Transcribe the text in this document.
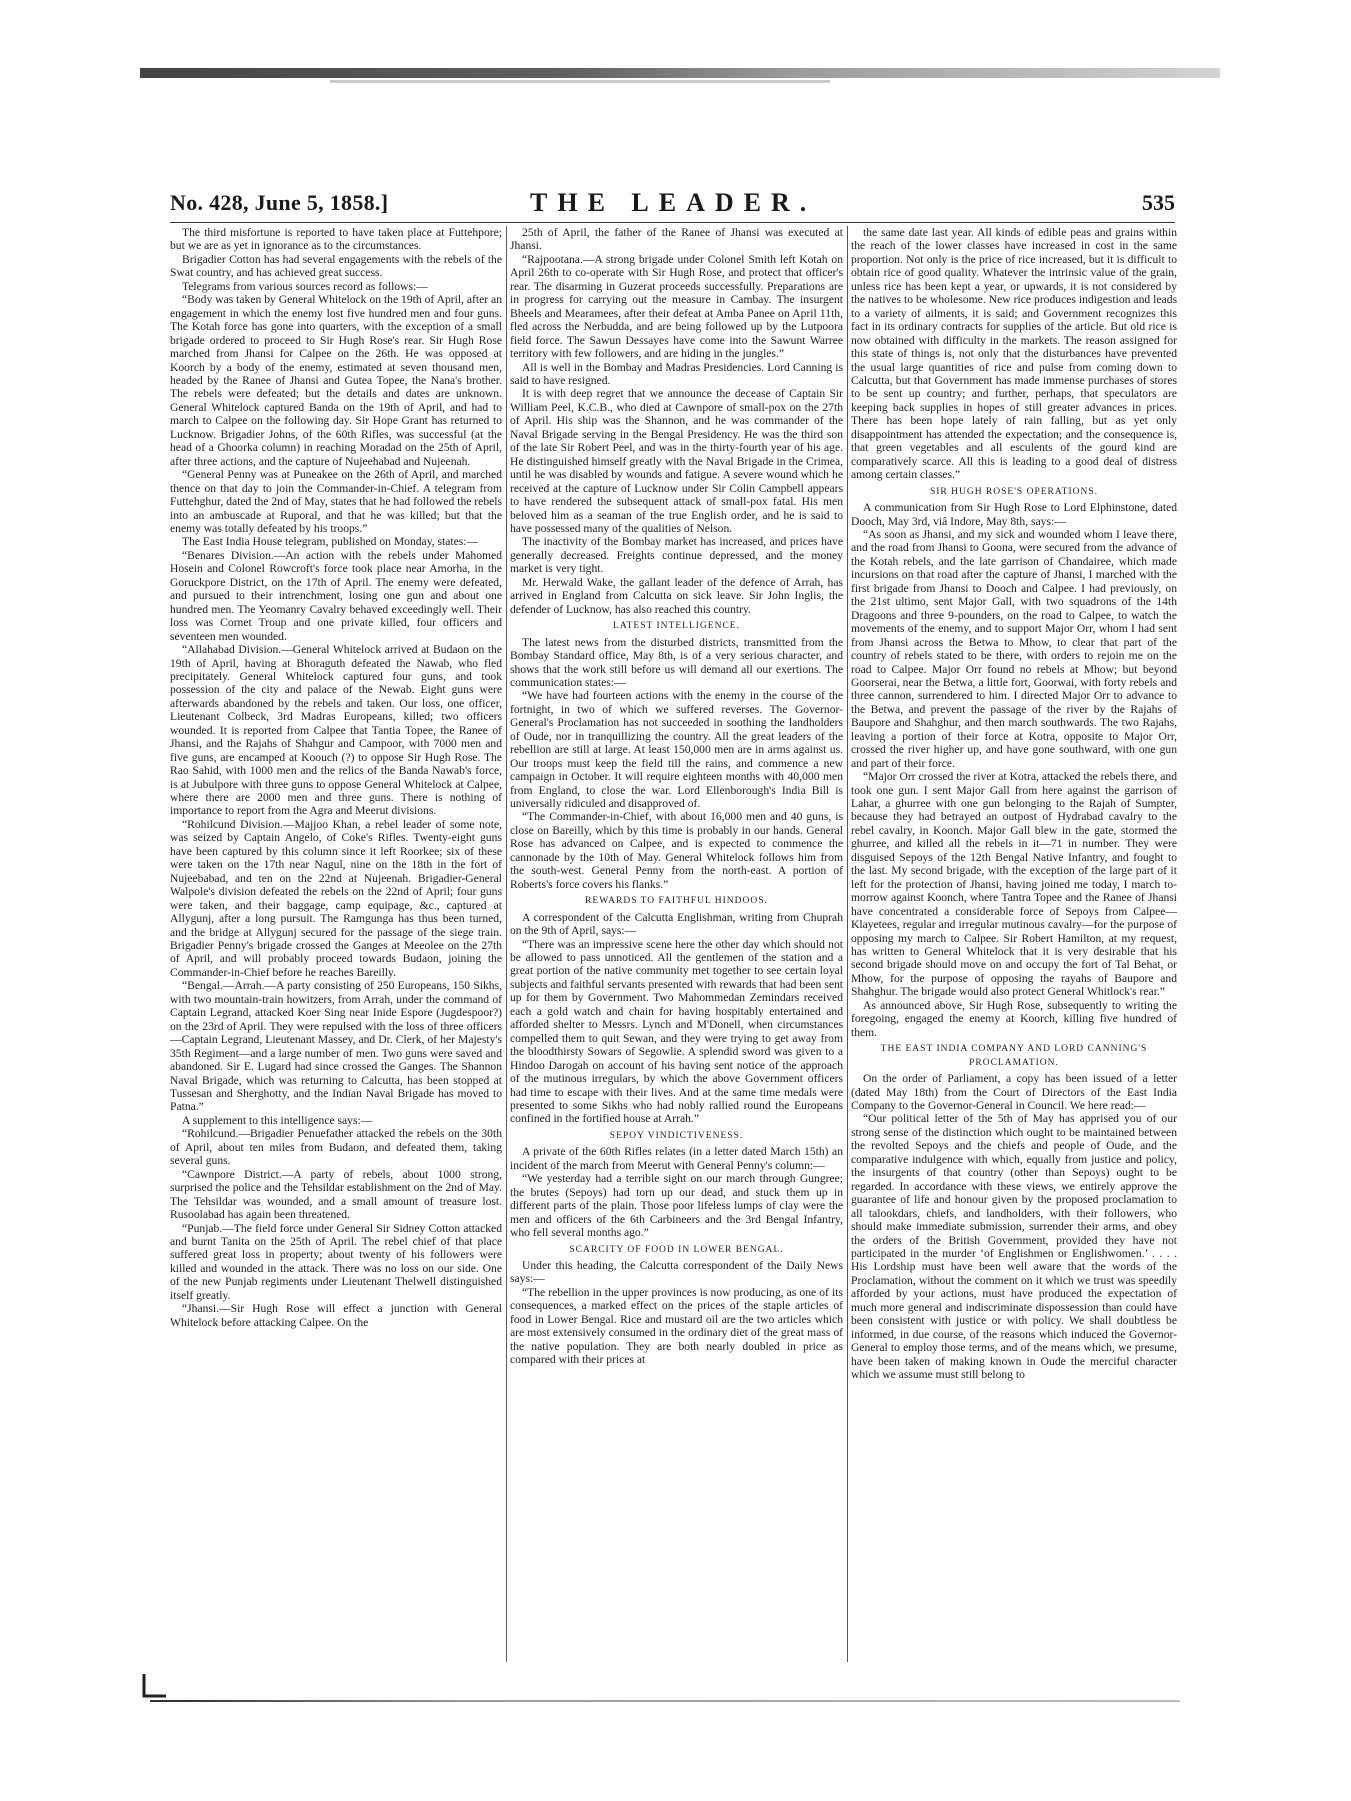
No. 428, June 5, 1858.]	THE LEADER.	535

The third misfortune is reported to have taken place at Futtehpore; but we are as yet in ignorance as to the circumstances.

Brigadier Cotton has had several engagements with the rebels of the Swat country, and has achieved great success.

Telegrams from various sources record as follows:—

“Body was taken by General Whitelock on the 19th of April, after an engagement in which the enemy lost five hundred men and four guns. The Kotah force has gone into quarters, with the exception of a small brigade ordered to proceed to Sir Hugh Rose's rear. Sir Hugh Rose marched from Jhansi for Calpee on the 26th. He was opposed at Koorch by a body of the enemy, estimated at seven thousand men, headed by the Ranee of Jhansi and Gutea Topee, the Nana's brother. The rebels were defeated; but the details and dates are unknown. General Whitelock captured Banda on the 19th of April, and had to march to Calpee on the following day. Sir Hope Grant has returned to Lucknow. Brigadier Johns, of the 60th Rifles, was successful (at the head of a Ghoorka column) in reaching Moradad on the 25th of April, after three actions, and the capture of Nujeehabad and Nujeenah.

“General Penny was at Puneakee on the 26th of April, and marched thence on that day to join the Commander-in-Chief. A telegram from Futtehghur, dated the 2nd of May, states that he had followed the rebels into an ambuscade at Ruporal, and that he was killed; but that the enemy was totally defeated by his troops.”

The East India House telegram, published on Monday, states:—

“Benares Division.—An action with the rebels under Mahomed Hosein and Colonel Rowcroft's force took place near Amorha, in the Goruckpore District, on the 17th of April. The enemy were defeated, and pursued to their intrenchment, losing one gun and about one hundred men. The Yeomanry Cavalry behaved exceedingly well. Their loss was Cornet Troup and one private killed, four officers and seventeen men wounded.

“Allahabad Division.—General Whitelock arrived at Budaon on the 19th of April, having at Bhoraguth defeated the Nawab, who fled precipitately. General Whitelock captured four guns, and took possession of the city and palace of the Newab. Eight guns were afterwards abandoned by the rebels and taken. Our loss, one officer, Lieutenant Colbeck, 3rd Madras Europeans, killed; two officers wounded. It is reported from Calpee that Tantia Topee, the Ranee of Jhansi, and the Rajahs of Shahgur and Campoor, with 7000 men and five guns, are encamped at Koouch (?) to oppose Sir Hugh Rose. The Rao Sahid, with 1000 men and the relics of the Banda Nawab's force, is at Jubulpore with three guns to oppose General Whitelock at Calpee, where there are 2000 men and three guns. There is nothing of importance to report from the Agra and Meerut divisions.

“Rohilcund Division.—Majjoo Khan, a rebel leader of some note, was seized by Captain Angelo, of Coke's Rifles. Twenty-eight guns have been captured by this column since it left Roorkee; six of these were taken on the 17th near Nagul, nine on the 18th in the fort of Nujeebabad, and ten on the 22nd at Nujeenah. Brigadier-General Walpole's division defeated the rebels on the 22nd of April; four guns were taken, and their baggage, camp equipage, &c., captured at Allygunj, after a long pursuit. The Ramgunga has thus been turned, and the bridge at Allygunj secured for the passage of the siege train. Brigadier Penny's brigade crossed the Ganges at Meeolee on the 27th of April, and will probably proceed towards Budaon, joining the Commander-in-Chief before he reaches Bareilly.

“Bengal.—Arrah.—A party consisting of 250 Europeans, 150 Sikhs, with two mountain-train howitzers, from Arrah, under the command of Captain Legrand, attacked Koer Sing near Inide Espore (Jugdespoor?) on the 23rd of April. They were repulsed with the loss of three officers—Captain Legrand, Lieutenant Massey, and Dr. Clerk, of her Majesty's 35th Regiment—and a large number of men. Two guns were saved and abandoned. Sir E. Lugard had since crossed the Ganges. The Shannon Naval Brigade, which was returning to Calcutta, has been stopped at Tussesan and Sherghotty, and the Indian Naval Brigade has moved to Patna.”

A supplement to this intelligence says:—

“Rohilcund.—Brigadier Penuefather attacked the rebels on the 30th of April, about ten miles from Budaon, and defeated them, taking several guns.

“Cawnpore District.—A party of rebels, about 1000 strong, surprised the police and the Tehsildar establishment on the 2nd of May. The Tehsildar was wounded, and a small amount of treasure lost. Rusoolabad has again been threatened.

“Punjab.—The field force under General Sir Sidney Cotton attacked and burnt Tanita on the 25th of April. The rebel chief of that place suffered great loss in property; about twenty of his followers were killed and wounded in the attack. There was no loss on our side. One of the new Punjab regiments under Lieutenant Thelwell distinguished itself greatly.

“Jhansi.—Sir Hugh Rose will effect a junction with General Whitelock before attacking Calpee. On the

25th of April, the father of the Ranee of Jhansi was executed at Jhansi.

“Rajpootana.—A strong brigade under Colonel Smith left Kotah on April 26th to co-operate with Sir Hugh Rose, and protect that officer's rear. The disarming in Guzerat proceeds successfully. Preparations are in progress for carrying out the measure in Cambay. The insurgent Bheels and Mearamees, after their defeat at Amba Panee on April 11th, fled across the Nerbudda, and are being followed up by the Lutpoora field force. The Sawun Dessayes have come into the Sawunt Warree territory with few followers, and are hiding in the jungles.”

All is well in the Bombay and Madras Presidencies. Lord Canning is said to have resigned.

It is with deep regret that we announce the decease of Captain Sir William Peel, K.C.B., who died at Cawnpore of small-pox on the 27th of April. His ship was the Shannon, and he was commander of the Naval Brigade serving in the Bengal Presidency. He was the third son of the late Sir Robert Peel, and was in the thirty-fourth year of his age. He distinguished himself greatly with the Naval Brigade in the Crimea, until he was disabled by wounds and fatigue. A severe wound which he received at the capture of Lucknow under Sir Colin Campbell appears to have rendered the subsequent attack of small-pox fatal. His men beloved him as a seaman of the true English order, and he is said to have possessed many of the qualities of Nelson.

The inactivity of the Bombay market has increased, and prices have generally decreased. Freights continue depressed, and the money market is very tight.

Mr. Herwald Wake, the gallant leader of the defence of Arrah, has arrived in England from Calcutta on sick leave. Sir John Inglis, the defender of Lucknow, has also reached this country.

LATEST INTELLIGENCE.

The latest news from the disturbed districts, transmitted from the Bombay Standard office, May 8th, is of a very serious character, and shows that the work still before us will demand all our exertions. The communication states:—

“We have had fourteen actions with the enemy in the course of the fortnight, in two of which we suffered reverses. The Governor-General's Proclamation has not succeeded in soothing the landholders of Oude, nor in tranquillizing the country. All the great leaders of the rebellion are still at large. At least 150,000 men are in arms against us. Our troops must keep the field till the rains, and commence a new campaign in October. It will require eighteen months with 40,000 men from England, to close the war. Lord Ellenborough's India Bill is universally ridiculed and disapproved of.

“The Commander-in-Chief, with about 16,000 men and 40 guns, is close on Bareilly, which by this time is probably in our hands. General Rose has advanced on Calpee, and is expected to commence the cannonade by the 10th of May. General Whitelock follows him from the south-west. General Penny from the north-east. A portion of Roberts's force covers his flanks.”

REWARDS TO FAITHFUL HINDOOS.

A correspondent of the Calcutta Englishman, writing from Chuprah on the 9th of April, says:—

“There was an impressive scene here the other day which should not be allowed to pass unnoticed. All the gentlemen of the station and a great portion of the native community met together to see certain loyal subjects and faithful servants presented with rewards that had been sent up for them by Government. Two Mahommedan Zemindars received each a gold watch and chain for having hospitably entertained and afforded shelter to Messrs. Lynch and M'Donell, when circumstances compelled them to quit Sewan, and they were trying to get away from the bloodthirsty Sowars of Segowlie. A splendid sword was given to a Hindoo Darogah on account of his having sent notice of the approach of the mutinous irregulars, by which the above Government officers had time to escape with their lives. And at the same time medals were presented to some Sikhs who had nobly rallied round the Europeans confined in the fortified house at Arrah.”

SEPOY VINDICTIVENESS.

A private of the 60th Rifles relates (in a letter dated March 15th) an incident of the march from Meerut with General Penny's column:—

“We yesterday had a terrible sight on our march through Gungree; the brutes (Sepoys) had torn up our dead, and stuck them up in different parts of the plain. Those poor lifeless lumps of clay were the men and officers of the 6th Carbineers and the 3rd Bengal Infantry, who fell several months ago.”

SCARCITY OF FOOD IN LOWER BENGAL.

Under this heading, the Calcutta correspondent of the Daily News says:—

“The rebellion in the upper provinces is now producing, as one of its consequences, a marked effect on the prices of the staple articles of food in Lower Bengal. Rice and mustard oil are the two articles which are most extensively consumed in the ordinary diet of the great mass of the native population. They are both nearly doubled in price as compared with their prices at

the same date last year. All kinds of edible peas and grains within the reach of the lower classes have increased in cost in the same proportion. Not only is the price of rice increased, but it is difficult to obtain rice of good quality. Whatever the intrinsic value of the grain, unless rice has been kept a year, or upwards, it is not considered by the natives to be wholesome. New rice produces indigestion and leads to a variety of ailments, it is said; and Government recognizes this fact in its ordinary contracts for supplies of the article. But old rice is now obtained with difficulty in the markets. The reason assigned for this state of things is, not only that the disturbances have prevented the usual large quantities of rice and pulse from coming down to Calcutta, but that Government has made immense purchases of stores to be sent up country; and further, perhaps, that speculators are keeping back supplies in hopes of still greater advances in prices. There has been hope lately of rain falling, but as yet only disappointment has attended the expectation; and the consequence is, that green vegetables and all esculents of the gourd kind are comparatively scarce. All this is leading to a good deal of distress among certain classes.”

SIR HUGH ROSE'S OPERATIONS.

A communication from Sir Hugh Rose to Lord Elphinstone, dated Dooch, May 3rd, viâ Indore, May 8th, says:—

“As soon as Jhansi, and my sick and wounded whom I leave there, and the road from Jhansi to Goona, were secured from the advance of the Kotah rebels, and the late garrison of Chandairee, which made incursions on that road after the capture of Jhansi, I marched with the first brigade from Jhansi to Dooch and Calpee. I had previously, on the 21st ultimo, sent Major Gall, with two squadrons of the 14th Dragoons and three 9-pounders, on the road to Calpee, to watch the movements of the enemy, and to support Major Orr, whom I had sent from Jhansi across the Betwa to Mhow, to clear that part of the country of rebels stated to be there, with orders to rejoin me on the road to Calpee. Major Orr found no rebels at Mhow; but beyond Goorserai, near the Betwa, a little fort, Goorwai, with forty rebels and three cannon, surrendered to him. I directed Major Orr to advance to the Betwa, and prevent the passage of the river by the Rajahs of Baupore and Shahghur, and then march southwards. The two Rajahs, leaving a portion of their force at Kotra, opposite to Major Orr, crossed the river higher up, and have gone southward, with one gun and part of their force.

“Major Orr crossed the river at Kotra, attacked the rebels there, and took one gun. I sent Major Gall from here against the garrison of Lahar, a ghurree with one gun belonging to the Rajah of Sumpter, because they had betrayed an outpost of Hydrabad cavalry to the rebel cavalry, in Koonch. Major Gall blew in the gate, stormed the ghurree, and killed all the rebels in it—71 in number. They were disguised Sepoys of the 12th Bengal Native Infantry, and fought to the last. My second brigade, with the exception of the large part of it left for the protection of Jhansi, having joined me today, I march to-morrow against Koonch, where Tantra Topee and the Ranee of Jhansi have concentrated a considerable force of Sepoys from Calpee—Klayetees, regular and irregular mutinous cavalry—for the purpose of opposing my march to Calpee. Sir Robert Hamilton, at my request, has written to General Whitelock that it is very desirable that his second brigade should move on and occupy the fort of Tal Behat, or Mhow, for the purpose of opposing the rayahs of Baupore and Shahghur. The brigade would also protect General Whitlock's rear.”

As announced above, Sir Hugh Rose, subsequently to writing the foregoing, engaged the enemy at Koorch, killing five hundred of them.

THE EAST INDIA COMPANY AND LORD CANNING'S PROCLAMATION.

On the order of Parliament, a copy has been issued of a letter (dated May 18th) from the Court of Directors of the East India Company to the Governor-General in Council. We here read:—

“Our political letter of the 5th of May has apprised you of our strong sense of the distinction which ought to be maintained between the revolted Sepoys and the chiefs and people of Oude, and the comparative indulgence with which, equally from justice and policy, the insurgents of that country (other than Sepoys) ought to be regarded. In accordance with these views, we entirely approve the guarantee of life and honour given by the proposed proclamation to all talookdars, chiefs, and landholders, with their followers, who should make immediate submission, surrender their arms, and obey the orders of the British Government, provided they have not participated in the murder ‘of Englishmen or Englishwomen.’ . . . . His Lordship must have been well aware that the words of the Proclamation, without the comment on it which we trust was speedily afforded by your actions, must have produced the expectation of much more general and indiscriminate dispossession than could have been consistent with justice or with policy. We shall doubtless be informed, in due course, of the reasons which induced the Governor-General to employ those terms, and of the means which, we presume, have been taken of making known in Oude the merciful character which we assume must still belong to
